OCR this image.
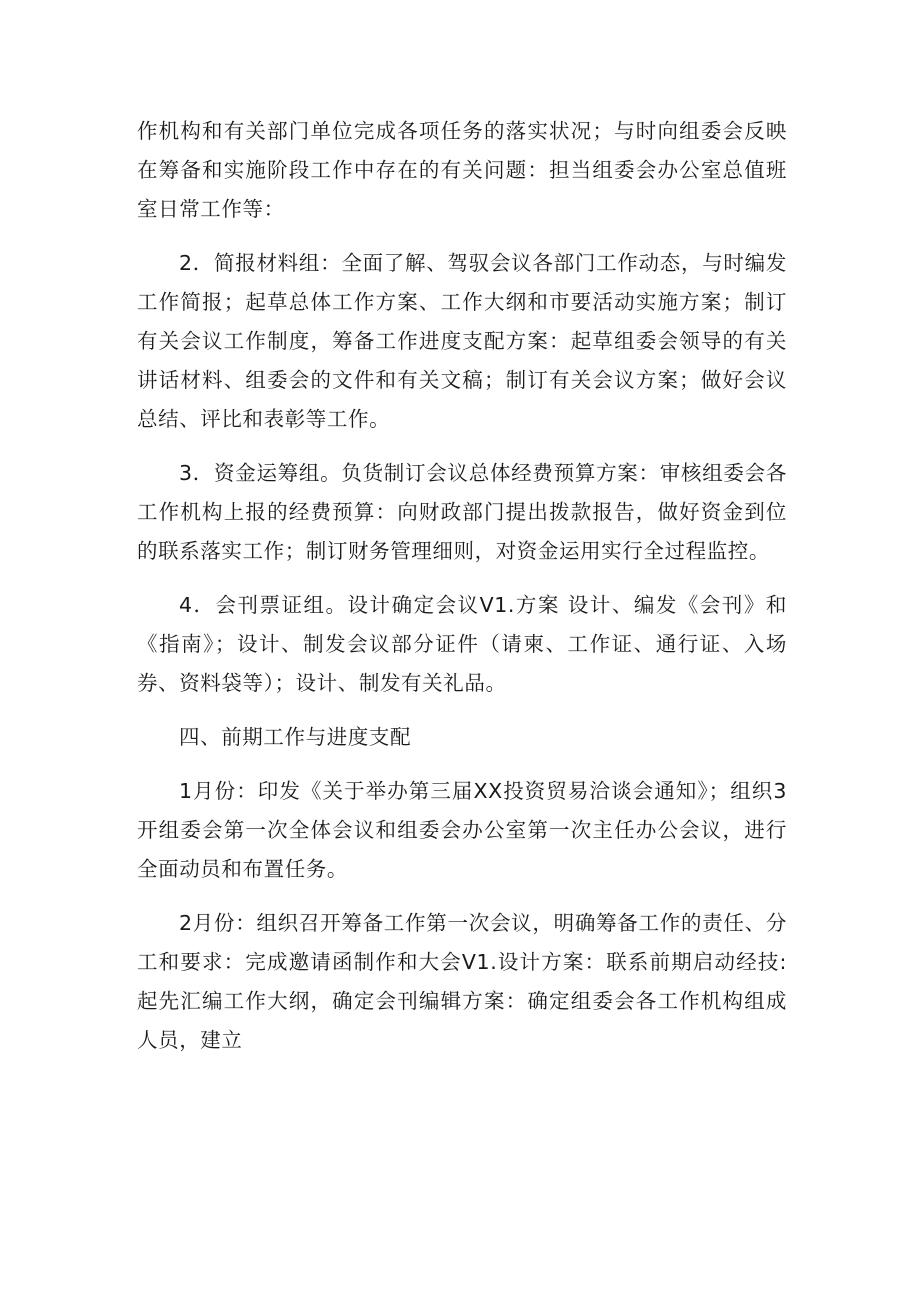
作机构和有关部门单位完成各项任务的落实状况；与时向组委会反映在筹备和实施阶段工作中存在的有关问题：担当组委会办公室总值班室日常工作等：

2．简报材料组：全面了解、驾驭会议各部门工作动态，与时编发工作简报；起草总体工作方案、工作大纲和市要活动实施方案；制订有关会议工作制度，筹备工作进度支配方案：起草组委会领导的有关讲话材料、组委会的文件和有关文稿；制订有关会议方案；做好会议总结、评比和表彰等工作。

3．资金运筹组。负货制订会议总体经费预算方案：审核组委会各工作机构上报的经费预算：向财政部门提出拨款报告，做好资金到位的联系落实工作；制订财务管理细则，对资金运用实行全过程监控。

4．会刊票证组。设计确定会议V1.方案 设计、编发《会刊》和《指南》；设计、制发会议部分证件（请柬、工作证、通行证、入场券、资料袋等）；设计、制发有关礼品。

四、前期工作与进度支配

1月份：印发《关于举办第三届XX投资贸易洽谈会通知》；组织3开组委会第一次全体会议和组委会办公室第一次主任办公会议，进行全面动员和布置任务。

2月份：组织召开筹备工作第一次会议，明确筹备工作的责任、分工和要求：完成邀请函制作和大会V1.设计方案：联系前期启动经技:起先汇编工作大纲，确定会刊编辑方案：确定组委会各工作机构组成人员，建立
